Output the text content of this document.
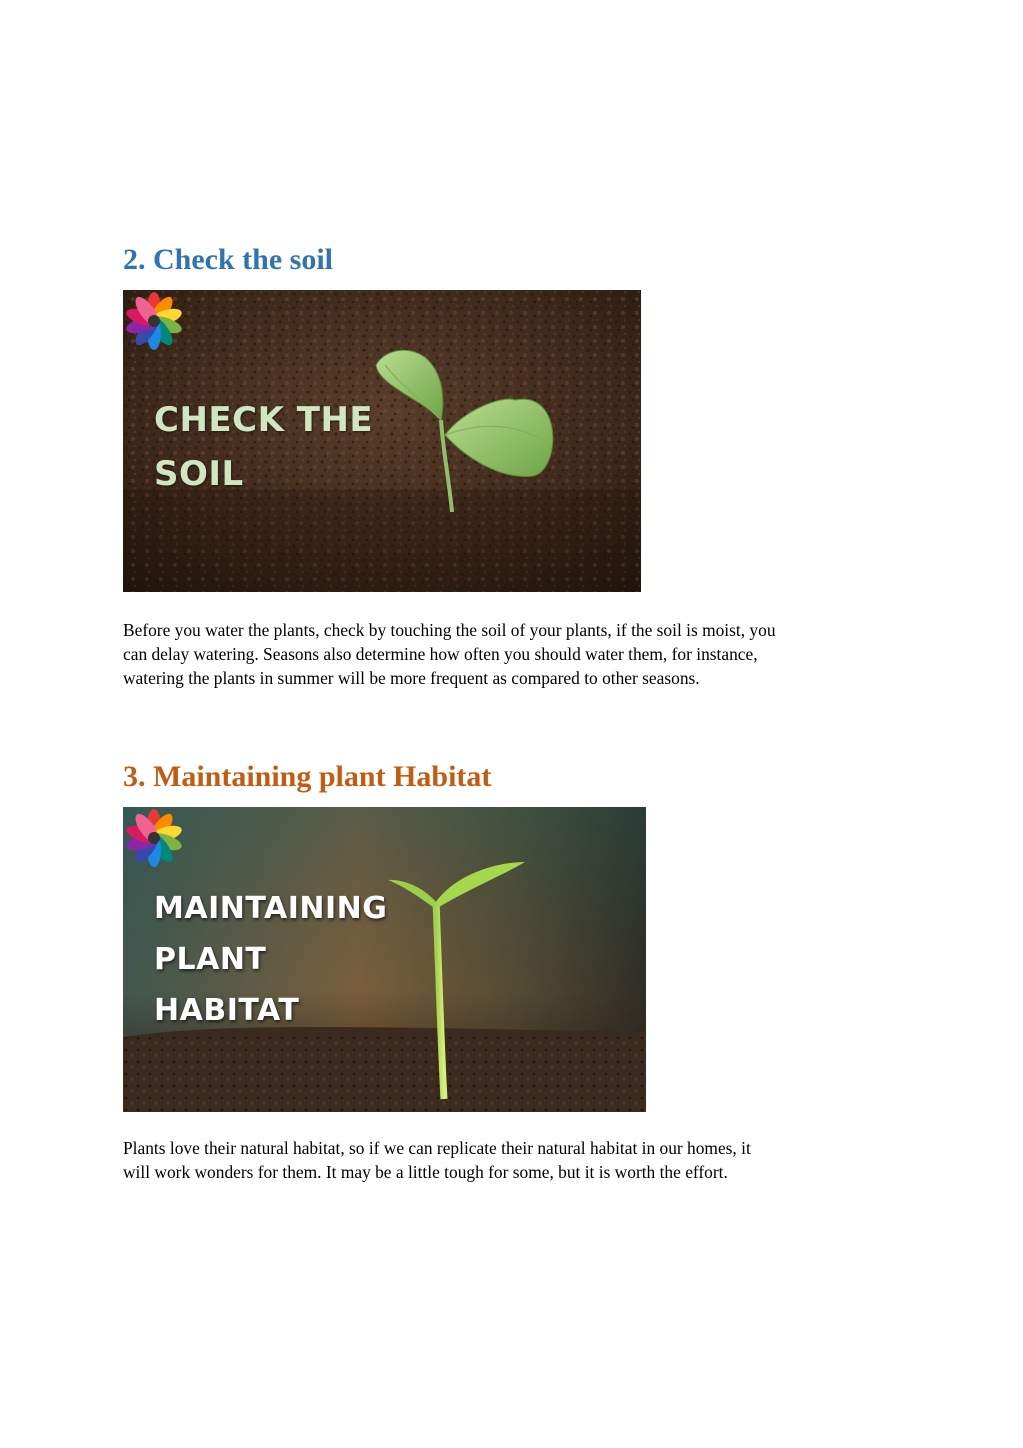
2. Check the soil
CHECK THE
SOIL

Before you water the plants, check by touching the soil of your plants, if the soil is moist, you
can delay watering. Seasons also determine how often you should water them, for instance,
watering the plants in summer will be more frequent as compared to other seasons.

3. Maintaining plant Habitat
MAINTAINING
PLANT
HABITAT

Plants love their natural habitat, so if we can replicate their natural habitat in our homes, it
will work wonders for them. It may be a little tough for some, but it is worth the effort.
